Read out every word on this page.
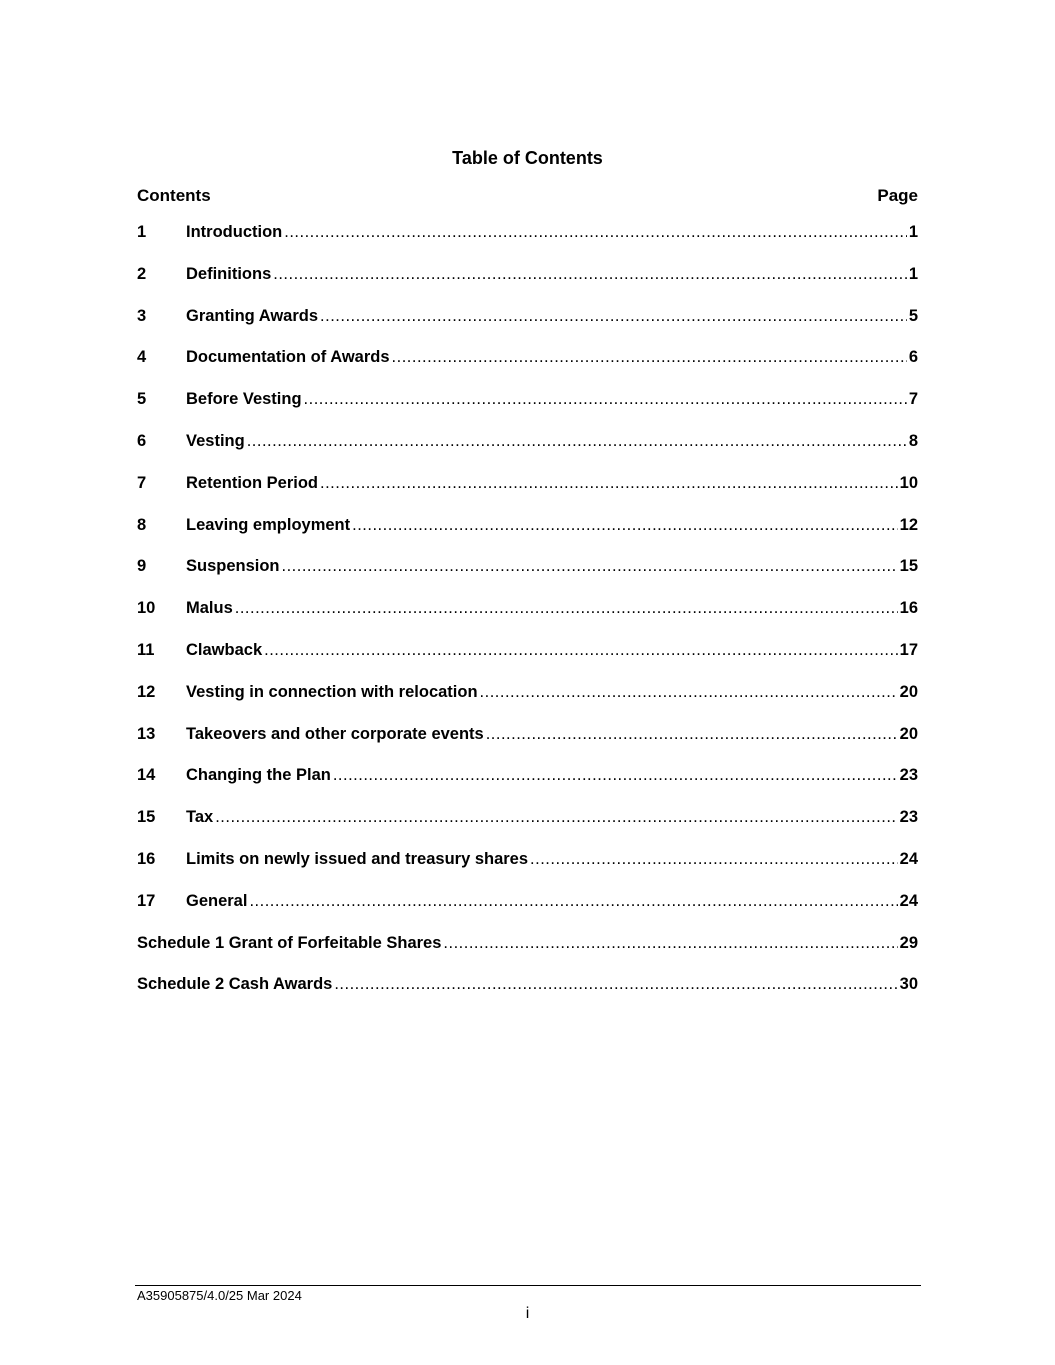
Table of Contents
Contents	Page
1	Introduction .....	1
2	Definitions .....	1
3	Granting Awards .....	5
4	Documentation of Awards .....	6
5	Before Vesting .....	7
6	Vesting .....	8
7	Retention Period .....	10
8	Leaving employment .....	12
9	Suspension .....	15
10	Malus .....	16
11	Clawback .....	17
12	Vesting in connection with relocation .....	20
13	Takeovers and other corporate events .....	20
14	Changing the Plan .....	23
15	Tax .....	23
16	Limits on newly issued and treasury shares .....	24
17	General .....	24
Schedule 1 Grant of Forfeitable Shares .....	29
Schedule 2 Cash Awards .....	30
A35905875/4.0/25 Mar 2024
i
